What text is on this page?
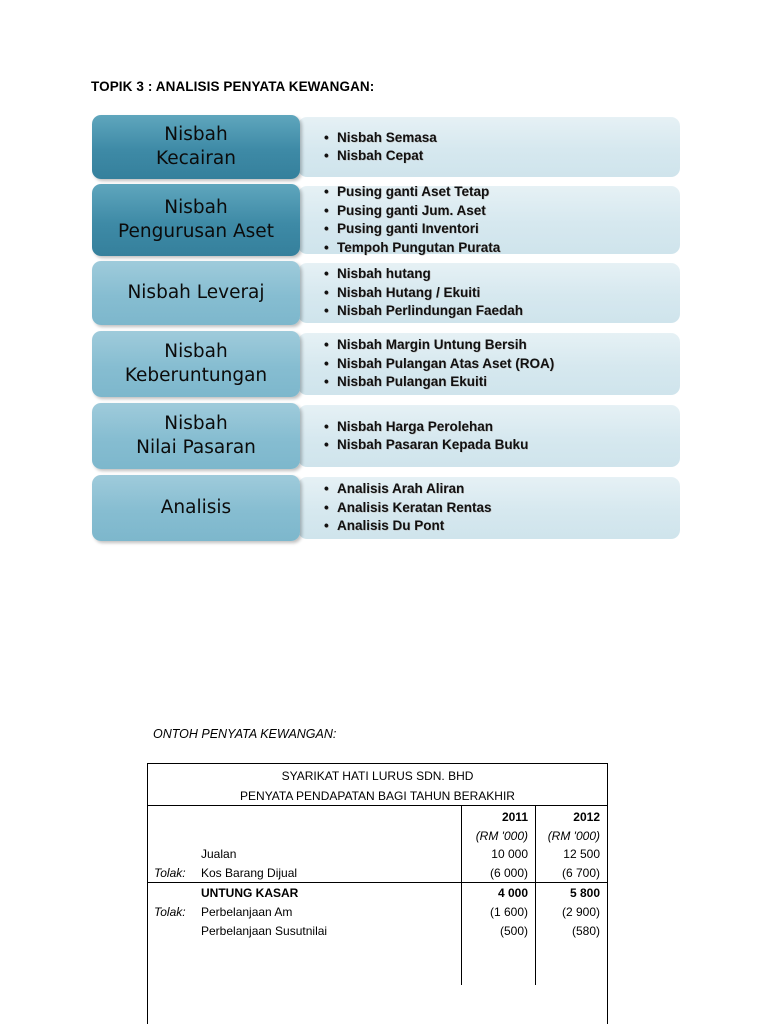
TOPIK 3 : ANALISIS PENYATA KEWANGAN:
Nisbah
Kecairan
• Nisbah Semasa
• Nisbah Cepat
Nisbah
Pengurusan Aset
• Pusing ganti Aset Tetap
• Pusing ganti Jum. Aset
• Pusing ganti Inventori
• Tempoh Pungutan Purata
Nisbah Leveraj
• Nisbah hutang
• Nisbah Hutang / Ekuiti
• Nisbah Perlindungan Faedah
Nisbah
Keberuntungan
• Nisbah Margin Untung Bersih
• Nisbah Pulangan Atas Aset (ROA)
• Nisbah Pulangan Ekuiti
Nisbah
Nilai Pasaran
• Nisbah Harga Perolehan
• Nisbah Pasaran Kepada Buku
Analisis
• Analisis Arah Aliran
• Analisis Keratan Rentas
• Analisis Du Pont
ONTOH PENYATA KEWANGAN:
SYARIKAT HATI LURUS SDN. BHD
PENYATA PENDAPATAN BAGI TAHUN BERAKHIR
2011	2012
(RM '000)	(RM '000)
Jualan	10 000	12 500
Tolak: Kos Barang Dijual	(6 000)	(6 700)
UNTUNG KASAR	4 000	5 800
Tolak: Perbelanjaan Am	(1 600)	(2 900)
Perbelanjaan Susutnilai	(500)	(580)
